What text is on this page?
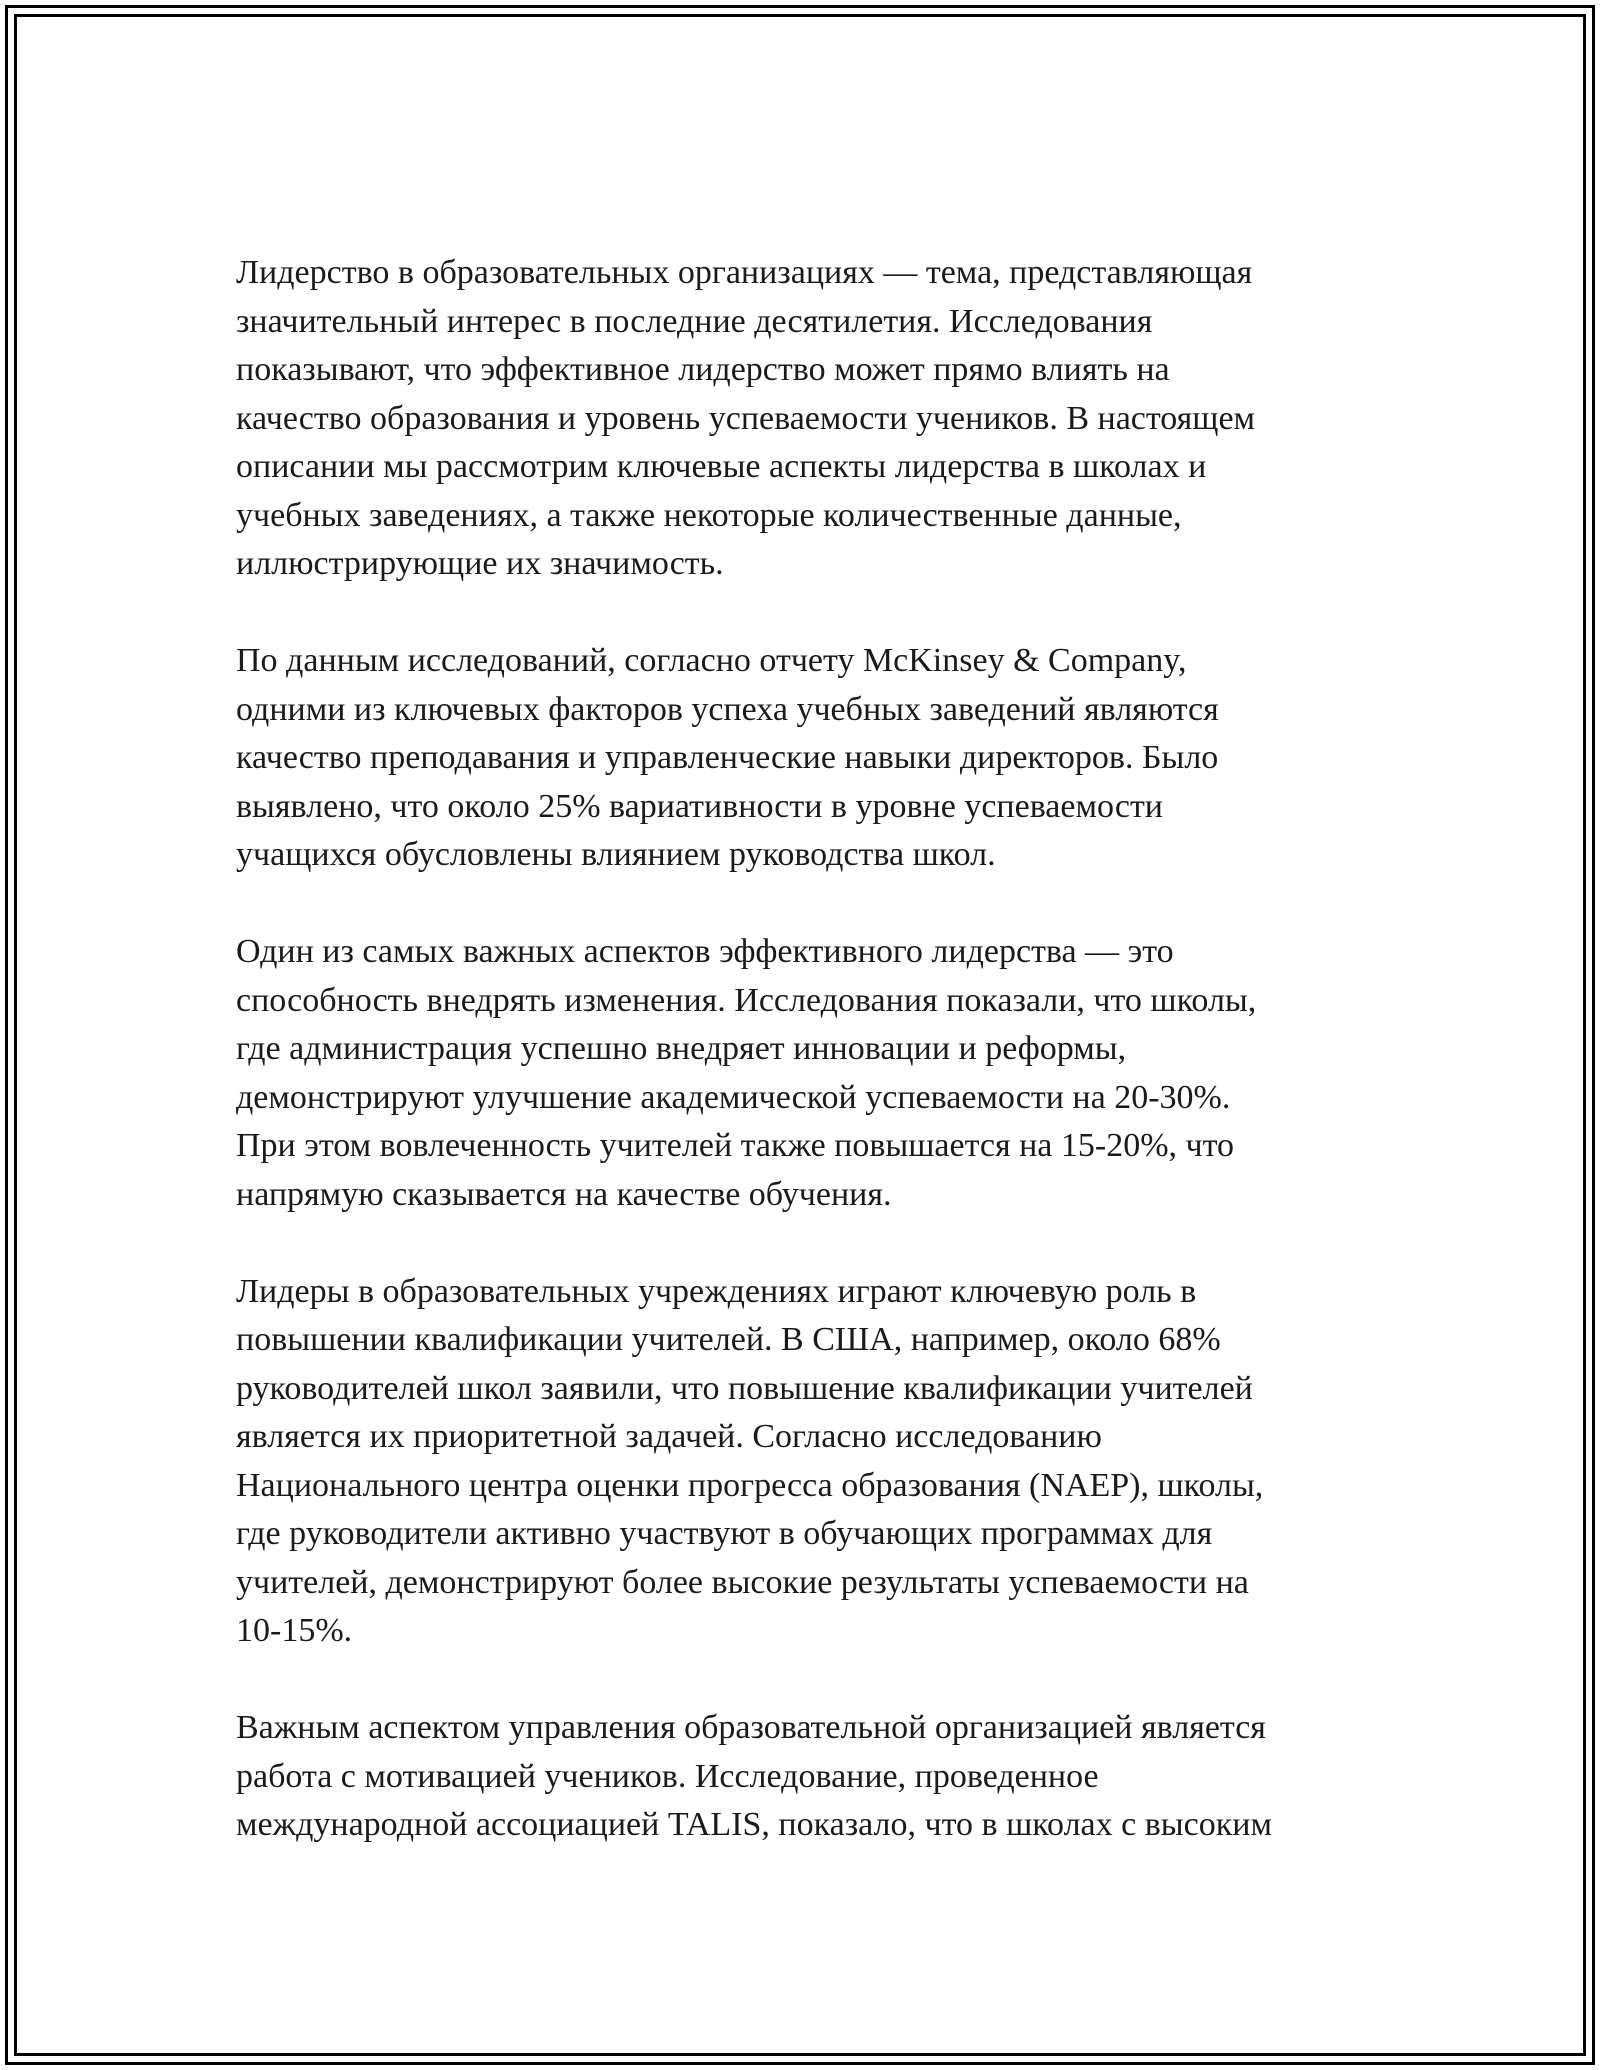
Лидерство в образовательных организациях — тема, представляющая
значительный интерес в последние десятилетия. Исследования
показывают, что эффективное лидерство может прямо влиять на
качество образования и уровень успеваемости учеников. В настоящем
описании мы рассмотрим ключевые аспекты лидерства в школах и
учебных заведениях, а также некоторые количественные данные,
иллюстрирующие их значимость.
По данным исследований, согласно отчету McKinsey & Company,
одними из ключевых факторов успеха учебных заведений являются
качество преподавания и управленческие навыки директоров. Было
выявлено, что около 25% вариативности в уровне успеваемости
учащихся обусловлены влиянием руководства школ.
Один из самых важных аспектов эффективного лидерства — это
способность внедрять изменения. Исследования показали, что школы,
где администрация успешно внедряет инновации и реформы,
демонстрируют улучшение академической успеваемости на 20-30%.
При этом вовлеченность учителей также повышается на 15-20%, что
напрямую сказывается на качестве обучения.
Лидеры в образовательных учреждениях играют ключевую роль в
повышении квалификации учителей. В США, например, около 68%
руководителей школ заявили, что повышение квалификации учителей
является их приоритетной задачей. Согласно исследованию
Национального центра оценки прогресса образования (NAEP), школы,
где руководители активно участвуют в обучающих программах для
учителей, демонстрируют более высокие результаты успеваемости на
10-15%.
Важным аспектом управления образовательной организацией является
работа с мотивацией учеников. Исследование, проведенное
международной ассоциацией TALIS, показало, что в школах с высоким
